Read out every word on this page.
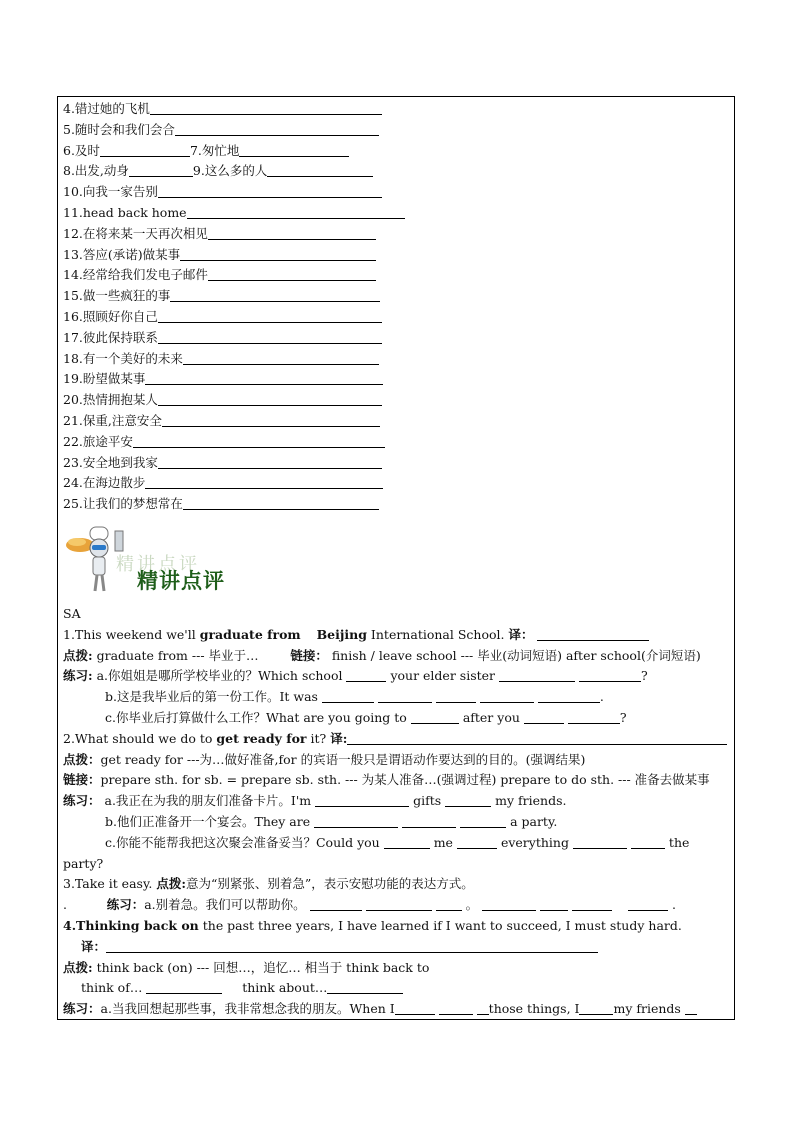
4.错过她的飞机
5.随时会和我们会合
6.及时	7.匆忙地
8.出发,动身	9.这么多的人
10.向我一家告别
11.head back home
12.在将来某一天再次相见
13.答应(承诺)做某事
14.经常给我们发电子邮件
15.做一些疯狂的事
16.照顾好你自己
17.彼此保持联系
18.有一个美好的未来
19.盼望做某事
20.热情拥抱某人
21.保重,注意安全
22.旅途平安
23.安全地到我家
24.在海边散步
25.让我们的梦想常在
精讲点评
精讲点评
SA
1.This weekend we'll graduate from Beijing International School. 译：
点拨: graduate from --- 毕业于…	链接： finish / leave school --- 毕业(动词短语) after school(介词短语)
练习: a.你姐姐是哪所学校毕业的？Which school	your elder sister	?
b.这是我毕业后的第一份工作。It was	.
c.你毕业后打算做什么工作？What are you going to	after you	?
2.What should we do to get ready for it? 译:
点拨：get ready for ---为…做好准备,for 的宾语一般只是谓语动作要达到的目的。(强调结果)
链接：prepare sth. for sb. = prepare sb. sth. --- 为某人准备…(强调过程) prepare to do sth. --- 准备去做某事
练习： a.我正在为我的朋友们准备卡片。I'm	gifts	my friends.
b.他们正准备开一个宴会。They are	a party.
c.你能不能帮我把这次聚会准备妥当？Could you	me	everything	the
party?
3.Take it easy. 点拨:意为“别紧张、别着急”，表示安慰功能的表达方式。
.	练习：a.别着急。我们可以帮助你。	。	.
4.Thinking back on the past three years, I have learned if I want to succeed, I must study hard.
译：
点拨: think back (on) --- 回想…，追忆… 相当于 think back to
think of…	think about…
练习：a.当我回想起那些事，我非常想念我的朋友。When I	those things, I	my friends
